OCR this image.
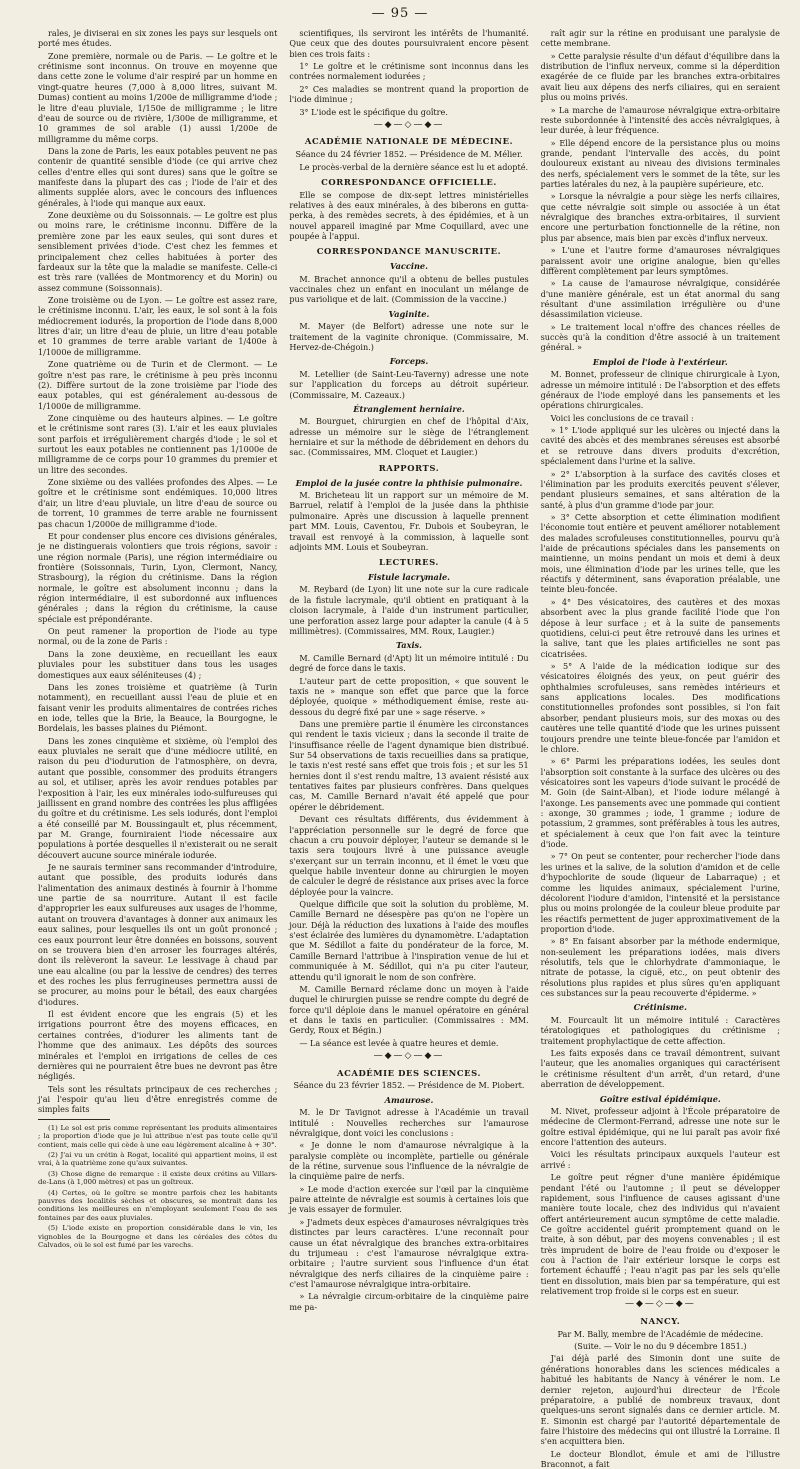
— 95 —

rales, je diviserai en six zones les pays sur lesquels ont porté mes études.

Zone première, normale ou de Paris. — Le goître et le crétinisme sont inconnus. On trouve en moyenne que dans cette zone le volume d'air respiré par un homme en vingt-quatre heures (7,000 à 8,000 litres, suivant M. Dumas) contient au moins 1/200e de milligramme d'iode ; le litre d'eau pluviale, 1/150e de milligramme ; le litre d'eau de source ou de rivière, 1/300e de milligramme, et 10 grammes de sol arable (1) aussi 1/200e de milligramme du même corps.

Dans la zone de Paris, les eaux potables peuvent ne pas contenir de quantité sensible d'iode (ce qui arrive chez celles d'entre elles qui sont dures) sans que le goître se manifeste dans la plupart des cas ; l'iode de l'air et des aliments supplée alors, avec le concours des influences générales, à l'iode qui manque aux eaux.

Zone deuxième ou du Soissonnais. — Le goître est plus ou moins rare, le crétinisme inconnu. Diffère de la première zone par les eaux seules, qui sont dures et sensiblement privées d'iode. C'est chez les femmes et principalement chez celles habituées à porter des fardeaux sur la tête que la maladie se manifeste. Celle-ci est très rare (vallées de Montmorency et du Morin) ou assez commune (Soissonnais).

Zone troisième ou de Lyon. — Le goître est assez rare, le crétinisme inconnu. L'air, les eaux, le sol sont à la fois médiocrement iodurés, la proportion de l'iode dans 8,000 litres d'air, un litre d'eau de pluie, un litre d'eau potable et 10 grammes de terre arable variant de 1/400e à 1/1000e de milligramme.

Zone quatrième ou de Turin et de Clermont. — Le goître n'est pas rare, le crétinisme à peu près inconnu (2). Diffère surtout de la zone troisième par l'iode des eaux potables, qui est généralement au-dessous de 1/1000e de milligramme.

Zone cinquième ou des hauteurs alpines. — Le goître et le crétinisme sont rares (3). L'air et les eaux pluviales sont parfois et irrégulièrement chargés d'iode ; le sol et surtout les eaux potables ne contiennent pas 1/1000e de milligramme de ce corps pour 10 grammes du premier et un litre des secondes.

Zone sixième ou des vallées profondes des Alpes. — Le goître et le crétinisme sont endémiques. 10,000 litres d'air, un litre d'eau pluviale, un litre d'eau de source ou de torrent, 10 grammes de terre arable ne fournissent pas chacun 1/2000e de milligramme d'iode.

Et pour condenser plus encore ces divisions générales, je ne distinguerais volontiers que trois régions, savoir : une région normale (Paris), une région intermédiaire ou frontière (Soissonnais, Turin, Lyon, Clermont, Nancy, Strasbourg), la région du crétinisme. Dans la région normale, le goître est absolument inconnu ; dans la région intermédiaire, il est subordonné aux influences générales ; dans la région du crétinisme, la cause spéciale est prépondérante.

On peut ramener la proportion de l'iode au type normal, ou de la zone de Paris :

Dans la zone deuxième, en recueillant les eaux pluviales pour les substituer dans tous les usages domestiques aux eaux séléniteuses (4) ;

Dans les zones troisième et quatrième (à Turin notamment), en recueillant aussi l'eau de pluie et en faisant venir les produits alimentaires de contrées riches en iode, telles que la Brie, la Beauce, la Bourgogne, le Bordelais, les basses plaines du Piémont.

Dans les zones cinquième et sixième, où l'emploi des eaux pluviales ne serait que d'une médiocre utilité, en raison du peu d'iodurution de l'atmosphère, on devra, autant que possible, consommer des produits étrangers au sol, et utiliser, après les avoir rendues potables par l'exposition à l'air, les eux minérales iodo-sulfureuses qui jaillissent en grand nombre des contrées les plus affligées du goître et du crétinisme. Les sels iodurés, dont l'emploi a été conseillé par M. Boussingault et, plus récemment, par M. Grange, fourniraient l'iode nécessaire aux populations à portée desquelles il n'existerait ou ne serait découvert aucune source minérale iodurée.

Je ne saurais terminer sans recommander d'introduire, autant que possible, des produits iodurés dans l'alimentation des animaux destinés à fournir à l'homme une partie de sa nourriture. Autant il est facile d'approprier les eaux sulfureuses aux usages de l'homme, autant on trouvera d'avantages à donner aux animaux les eaux salines, pour lesquelles ils ont un goût prononcé ; ces eaux pourront leur être données en boissons, souvent on se trouvera bien d'en arroser les fourrages altérés, dont ils relèveront la saveur. Le lessivage à chaud par une eau alcaline (ou par la lessive de cendres) des terres et des roches les plus ferrugineuses permettra aussi de se procurer, au moins pour le bétail, des eaux chargées d'iodures.

Il est évident encore que les engrais (5) et les irrigations pourront être des moyens efficaces, en certaines contrées, d'iodurer les aliments tant de l'homme que des animaux. Les dépôts des sources minérales et l'emploi en irrigations de celles de ces dernières qui ne pourraient être bues ne devront pas être négligés.

Tels sont les résultats principaux de ces recherches ; j'ai l'espoir qu'au lieu d'être enregistrés comme de simples faits

(1) Le sol est pris comme représentant les produits alimentaires ; la proportion d'iode que je lui attribue n'est pas toute celle qu'il contient, mais celle qui cède à une eau légèrement alcaline à + 30°.

(2) J'ai vu un crétin à Rogat, localité qui appartient moins, il est vrai, à la quatrième zone qu'aux suivantes.

(3) Chose digne de remarque : il existe deux crétins au Villars-de-Lans (à 1,000 mètres) et pas un goîtreux.

(4) Certes, où le goître se montre parfois chez les habitants pauvres des localités sèches et obscures, se montrait dans les conditions les meilleures en n'employant seulement l'eau de ses fontaines par des eaux pluviales.

(5) L'iode existe en proportion considérable dans le vin, les vignobles de la Bourgogne et dans les céréales des côtes du Calvados, où le sol est fumé par les varechs.

scientifiques, ils serviront les intérêts de l'humanité. Que ceux que des doutes poursuivraient encore pèsent bien ces trois faits :

1° Le goître et le crétinisme sont inconnus dans les contrées normalement iodurées ;

2° Ces maladies se montrent quand la proportion de l'iode diminue ;

3° L'iode est le spécifique du goître.

—◆—◇—◆—
ACADÉMIE NATIONALE DE MÉDECINE.

Séance du 24 février 1852. — Présidence de M. Mélier.

Le procès-verbal de la dernière séance est lu et adopté.

CORRESPONDANCE OFFICIELLE.

Elle se compose de dix-sept lettres ministérielles relatives à des eaux minérales, à des biberons en gutta-perka, à des remèdes secrets, à des épidémies, et à un nouvel appareil imaginé par Mme Coquillard, avec une poupée à l'appui.

CORRESPONDANCE MANUSCRITE.
Vaccine.

M. Brachet annonce qu'il a obtenu de belles pustules vaccinales chez un enfant en inoculant un mélange de pus variolique et de lait. (Commission de la vaccine.)

Vaginite.

M. Mayer (de Belfort) adresse une note sur le traitement de la vaginite chronique. (Commissaire, M. Hervez-de-Chégoin.)

Forceps.

M. Letellier (de Saint-Leu-Taverny) adresse une note sur l'application du forceps au détroit supérieur. (Commissaire, M. Cazeaux.)

Étranglement herniaire.

M. Bourguet, chirurgien en chef de l'hôpital d'Aix, adresse un mémoire sur le siège de l'étranglement herniaire et sur la méthode de débridement en dehors du sac. (Commissaires, MM. Cloquet et Laugier.)

RAPPORTS.
Emploi de la jusée contre la phthisie pulmonaire.

M. Bricheteau lit un rapport sur un mémoire de M. Barruel, relatif à l'emploi de la jusée dans la phthisie pulmonaire. Après une discussion à laquelle prennent part MM. Louis, Caventou, Fr. Dubois et Soubeyran, le travail est renvoyé à la commission, à laquelle sont adjoints MM. Louis et Soubeyran.

LECTURES.
Fistule lacrymale.

M. Reybard (de Lyon) lit une note sur la cure radicale de la fistule lacrymale, qu'il obtient en pratiquant à la cloison lacrymale, à l'aide d'un instrument particulier, une perforation assez large pour adapter la canule (4 à 5 millimètres). (Commissaires, MM. Roux, Laugier.)

Taxis.

M. Camille Bernard (d'Apt) lit un mémoire intitulé : Du degré de force dans le taxis.

L'auteur part de cette proposition, « que souvent le taxis ne » manque son effet que parce que la force déployée, quoique » méthodiquement émise, reste au-dessous du degré fixé par une » sage réserve. »

Dans une première partie il énumère les circonstances qui rendent le taxis vicieux ; dans la seconde il traite de l'insuffisance réelle de l'agent dynamique bien distribué. Sur 54 observations de taxis recueillies dans sa pratique, le taxis n'est resté sans effet que trois fois ; et sur les 51 hernies dont il s'est rendu maître, 13 avaient résisté aux tentatives faites par plusieurs confrères. Dans quelques cas, M. Camille Bernard n'avait été appelé que pour opérer le débridement.

Devant ces résultats différents, dus évidemment à l'appréciation personnelle sur le degré de force que chacun a cru pouvoir déployer, l'auteur se demande si le taxis sera toujours livré à une puissance aveugle s'exerçant sur un terrain inconnu, et il émet le vœu que quelque habile inventeur donne au chirurgien le moyen de calculer le degré de résistance aux prises avec la force déployée pour la vaincre.

Quelque difficile que soit la solution du problème, M. Camille Bernard ne désespère pas qu'on ne l'opère un jour. Déjà la réduction des luxations à l'aide des moufles s'est éclairée des lumières du dynamomètre. L'adaptation que M. Sédillot a faite du pondérateur de la force, M. Camille Bernard l'attribue à l'inspiration venue de lui et communiquée à M. Sédillot, qui n'a pu citer l'auteur, attendu qu'il ignorait le nom de son confrère.

M. Camille Bernard réclame donc un moyen à l'aide duquel le chirurgien puisse se rendre compte du degré de force qu'il déploie dans le manuel opératoire en général et dans le taxis en particulier. (Commissaires : MM. Gerdy, Roux et Bégin.)

— La séance est levée à quatre heures et demie.

—◆—◇—◆—
ACADÉMIE DES SCIENCES.

Séance du 23 février 1852. — Présidence de M. Piobert.

Amaurose.

M. le Dr Tavignot adresse à l'Académie un travail intitulé : Nouvelles recherches sur l'amaurose névralgique, dont voici les conclusions :

« Je donne le nom d'amaurose névralgique à la paralysie complète ou incomplète, partielle ou générale de la rétine, survenue sous l'influence de la névralgie de la cinquième paire de nerfs.

» Le mode d'action exercée sur l'œil par la cinquième paire atteinte de névralgie est soumis à certaines lois que je vais essayer de formuler.

» J'admets deux espèces d'amauroses névralgiques très distinctes par leurs caractères. L'une reconnaît pour cause un état névralgique des branches extra-orbitaires du trijumeau : c'est l'amaurose névralgique extra-orbitaire ; l'autre survient sous l'influence d'un état névralgique des nerfs ciliaires de la cinquième paire : c'est l'amaurose névralgique intra-orbitaire.

» La névralgie circum-orbitaire de la cinquième paire me pa-

raît agir sur la rétine en produisant une paralysie de cette membrane.

» Cette paralysie résulte d'un défaut d'équilibre dans la distribution de l'influx nerveux, comme si la déperdition exagérée de ce fluide par les branches extra-orbitaires avait lieu aux dépens des nerfs ciliaires, qui en seraient plus ou moins privés.

» La marche de l'amaurose névralgique extra-orbitaire reste subordonnée à l'intensité des accès névralgiques, à leur durée, à leur fréquence.

» Elle dépend encore de la persistance plus ou moins grande, pendant l'intervalle des accès, du point douloureux existant au niveau des divisions terminales des nerfs, spécialement vers le sommet de la tête, sur les parties latérales du nez, à la paupière supérieure, etc.

» Lorsque la névralgie a pour siège les nerfs ciliaires, que cette névralgie soit simple ou associée à un état névralgique des branches extra-orbitaires, il survient encore une perturbation fonctionnelle de la rétine, non plus par absence, mais bien par excès d'influx nerveux.

» L'une et l'autre forme d'amauroses névralgiques paraissent avoir une origine analogue, bien qu'elles diffèrent complètement par leurs symptômes.

» La cause de l'amaurose névralgique, considérée d'une manière générale, est un état anormal du sang résultant d'une assimilation irrégulière ou d'une désassimilation vicieuse.

» Le traitement local n'offre des chances réelles de succès qu'à la condition d'être associé à un traitement général. »

Emploi de l'iode à l'extérieur.

M. Bonnet, professeur de clinique chirurgicale à Lyon, adresse un mémoire intitulé : De l'absorption et des effets généraux de l'iode employé dans les pansements et les opérations chirurgicales.

Voici les conclusions de ce travail :

» 1° L'iode appliqué sur les ulcères ou injecté dans la cavité des abcès et des membranes séreuses est absorbé et se retrouve dans divers produits d'excrétion, spécialement dans l'urine et la salive.

» 2° L'absorption à la surface des cavités closes et l'élimination par les produits exercités peuvent s'élever, pendant plusieurs semaines, et sans altération de la santé, à plus d'un gramme d'iode par jour.

» 3° Cette absorption et cette élimination modifient l'économie tout entière et peuvent améliorer notablement des malades scrofuleuses constitutionnelles, pourvu qu'à l'aide de précautions spéciales dans les pansements on maintienne, un moins pendant un mois et demi à deux mois, une élimination d'iode par les urines telle, que les réactifs y déterminent, sans évaporation préalable, une teinte bleu-foncée.

» 4° Des vésicatoires, des cautères et des moxas absorbent avec la plus grande facilité l'iode que l'on dépose à leur surface ; et à la suite de pansements quotidiens, celui-ci peut être retrouvé dans les urines et la salive, tant que les plaies artificielles ne sont pas cicatrisées.

» 5° A l'aide de la médication iodique sur des vésicatoires éloignés des yeux, on peut guérir des ophthalmies scrofuleuses, sans remèdes intérieurs et sans applications locales. Des modifications constitutionnelles profondes sont possibles, si l'on fait absorber, pendant plusieurs mois, sur des moxas ou des cautères une telle quantité d'iode que les urines puissent toujours prendre une teinte bleue-foncée par l'amidon et le chlore.

» 6° Parmi les préparations iodées, les seules dont l'absorption soit constante à la surface des ulcères ou des vésicatoires sont les vapeurs d'iode suivant le procédé de M. Goin (de Saint-Alban), et l'iode iodure mélangé à l'axonge. Les pansements avec une pommade qui contient : axonge, 30 grammes ; iode, 1 gramme ; iodure de potassium, 2 grammes, sont préférables à tous les autres, et spécialement à ceux que l'on fait avec la teinture d'iode.

» 7° On peut se contenter, pour rechercher l'iode dans les urines et la salive, de la solution d'amidon et de celle d'hypochlorite de soude (liqueur de Labarraque) ; et comme les liquides animaux, spécialement l'urine, décolorent l'iodure d'amidon, l'intensité et la persistance plus ou moins prolongée de la couleur bleue produite par les réactifs permettent de juger approximativement de la proportion d'iode.

» 8° En faisant absorber par la méthode endermique, non-seulement les préparations iodées, mais divers résolutifs, tels que le chlorhydrate d'ammoniaque, le nitrate de potasse, la ciguë, etc., on peut obtenir des résolutions plus rapides et plus sûres qu'en appliquant ces substances sur la peau recouverte d'épiderme. »

Crétinisme.

M. Fourcault lit un mémoire intitulé : Caractères tératologiques et pathologiques du crétinisme ; traitement prophylactique de cette affection.

Les faits exposés dans ce travail démontrent, suivant l'auteur, que les anomalies organiques qui caractérisent le crétinisme résultent d'un arrêt, d'un retard, d'une aberration de développement.

Goître estival épidémique.

M. Nivet, professeur adjoint à l'École préparatoire de médecine de Clermont-Ferrand, adresse une note sur le goître estival épidémique, qui ne lui paraît pas avoir fixé encore l'attention des auteurs.

Voici les résultats principaux auxquels l'auteur est arrivé :

Le goître peut régner d'une manière épidémique pendant l'été ou l'automne ; il peut se développer rapidement, sous l'influence de causes agissant d'une manière toute locale, chez des individus qui n'avaient offert antérieurement aucun symptôme de cette maladie. Ce goître accidentel guérit promptement quand on le traite, à son début, par des moyens convenables ; il est très imprudent de boire de l'eau froide ou d'exposer le cou à l'action de l'air extérieur lorsque le corps est fortement échauffé ; l'eau n'agit pas par les sels qu'elle tient en dissolution, mais bien par sa température, qui est relativement trop froide si le corps est en sueur.

—◆—◇—◆—
NANCY.

Par M. Bally, membre de l'Académie de médecine.

(Suite. — Voir le no du 9 décembre 1851.)

J'ai déjà parlé des Simonin dont une suite de générations honorables dans les sciences médicales a habitué les habitants de Nancy à vénérer le nom. Le dernier rejeton, aujourd'hui directeur de l'École préparatoire, a publié de nombreux travaux, dont quelques-uns seront signalés dans ce dernier article. M. E. Simonin est chargé par l'autorité départementale de faire l'histoire des médecins qui ont illustré la Lorraine. Il s'en acquittera bien.

Le docteur Blondlot, émule et ami de l'illustre Braconnot, a fait
